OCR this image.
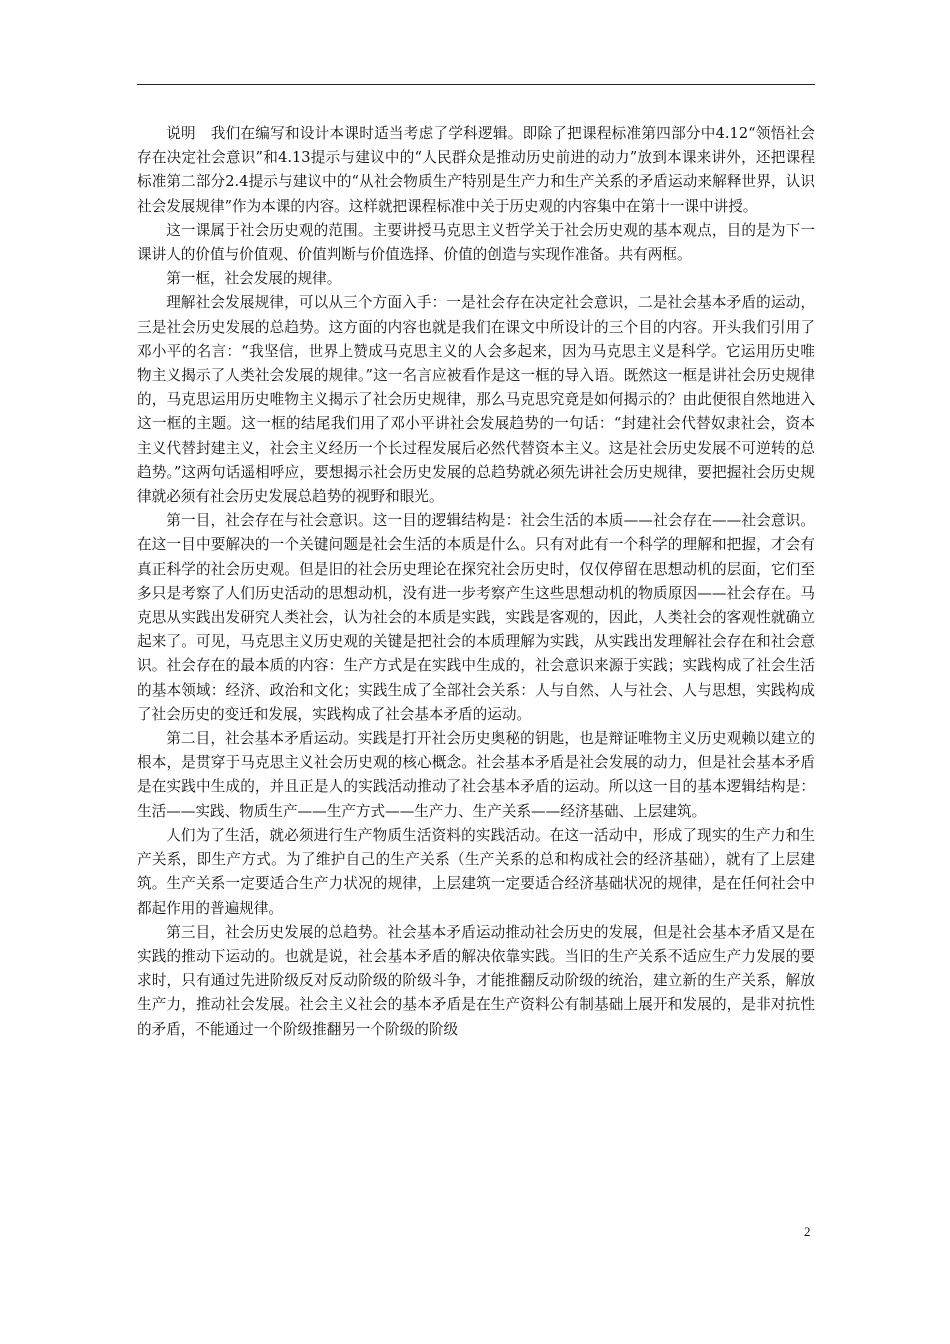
说明　我们在编写和设计本课时适当考虑了学科逻辑。即除了把课程标准第四部分中4.12“领悟社会存在决定社会意识”和4.13提示与建议中的“人民群众是推动历史前进的动力”放到本课来讲外，还把课程标准第二部分2.4提示与建议中的“从社会物质生产特别是生产力和生产关系的矛盾运动来解释世界，认识社会发展规律”作为本课的内容。这样就把课程标准中关于历史观的内容集中在第十一课中讲授。

这一课属于社会历史观的范围。主要讲授马克思主义哲学关于社会历史观的基本观点，目的是为下一课讲人的价值与价值观、价值判断与价值选择、价值的创造与实现作准备。共有两框。

第一框，社会发展的规律。

理解社会发展规律，可以从三个方面入手：一是社会存在决定社会意识，二是社会基本矛盾的运动，三是社会历史发展的总趋势。这方面的内容也就是我们在课文中所设计的三个目的内容。开头我们引用了邓小平的名言：“我坚信，世界上赞成马克思主义的人会多起来，因为马克思主义是科学。它运用历史唯物主义揭示了人类社会发展的规律。”这一名言应被看作是这一框的导入语。既然这一框是讲社会历史规律的，马克思运用历史唯物主义揭示了社会历史规律，那么马克思究竟是如何揭示的？由此便很自然地进入这一框的主题。这一框的结尾我们用了邓小平讲社会发展趋势的一句话：“封建社会代替奴隶社会，资本主义代替封建主义，社会主义经历一个长过程发展后必然代替资本主义。这是社会历史发展不可逆转的总趋势。”这两句话遥相呼应，要想揭示社会历史发展的总趋势就必须先讲社会历史规律，要把握社会历史规律就必须有社会历史发展总趋势的视野和眼光。

第一目，社会存在与社会意识。这一目的逻辑结构是：社会生活的本质——社会存在——社会意识。在这一目中要解决的一个关键问题是社会生活的本质是什么。只有对此有一个科学的理解和把握，才会有真正科学的社会历史观。但是旧的社会历史理论在探究社会历史时，仅仅停留在思想动机的层面，它们至多只是考察了人们历史活动的思想动机，没有进一步考察产生这些思想动机的物质原因——社会存在。马克思从实践出发研究人类社会，认为社会的本质是实践，实践是客观的，因此，人类社会的客观性就确立起来了。可见，马克思主义历史观的关键是把社会的本质理解为实践，从实践出发理解社会存在和社会意识。社会存在的最本质的内容：生产方式是在实践中生成的，社会意识来源于实践；实践构成了社会生活的基本领域：经济、政治和文化；实践生成了全部社会关系：人与自然、人与社会、人与思想，实践构成了社会历史的变迁和发展，实践构成了社会基本矛盾的运动。

第二目，社会基本矛盾运动。实践是打开社会历史奥秘的钥匙，也是辩证唯物主义历史观赖以建立的根本，是贯穿于马克思主义社会历史观的核心概念。社会基本矛盾是社会发展的动力，但是社会基本矛盾是在实践中生成的，并且正是人的实践活动推动了社会基本矛盾的运动。所以这一目的基本逻辑结构是：生活——实践、物质生产——生产方式——生产力、生产关系——经济基础、上层建筑。

人们为了生活，就必须进行生产物质生活资料的实践活动。在这一活动中，形成了现实的生产力和生产关系，即生产方式。为了维护自己的生产关系（生产关系的总和构成社会的经济基础），就有了上层建筑。生产关系一定要适合生产力状况的规律，上层建筑一定要适合经济基础状况的规律，是在任何社会中都起作用的普遍规律。

第三目，社会历史发展的总趋势。社会基本矛盾运动推动社会历史的发展，但是社会基本矛盾又是在实践的推动下运动的。也就是说，社会基本矛盾的解决依靠实践。当旧的生产关系不适应生产力发展的要求时，只有通过先进阶级反对反动阶级的阶级斗争，才能推翻反动阶级的统治，建立新的生产关系，解放生产力，推动社会发展。社会主义社会的基本矛盾是在生产资料公有制基础上展开和发展的，是非对抗性的矛盾，不能通过一个阶级推翻另一个阶级的阶级

2
